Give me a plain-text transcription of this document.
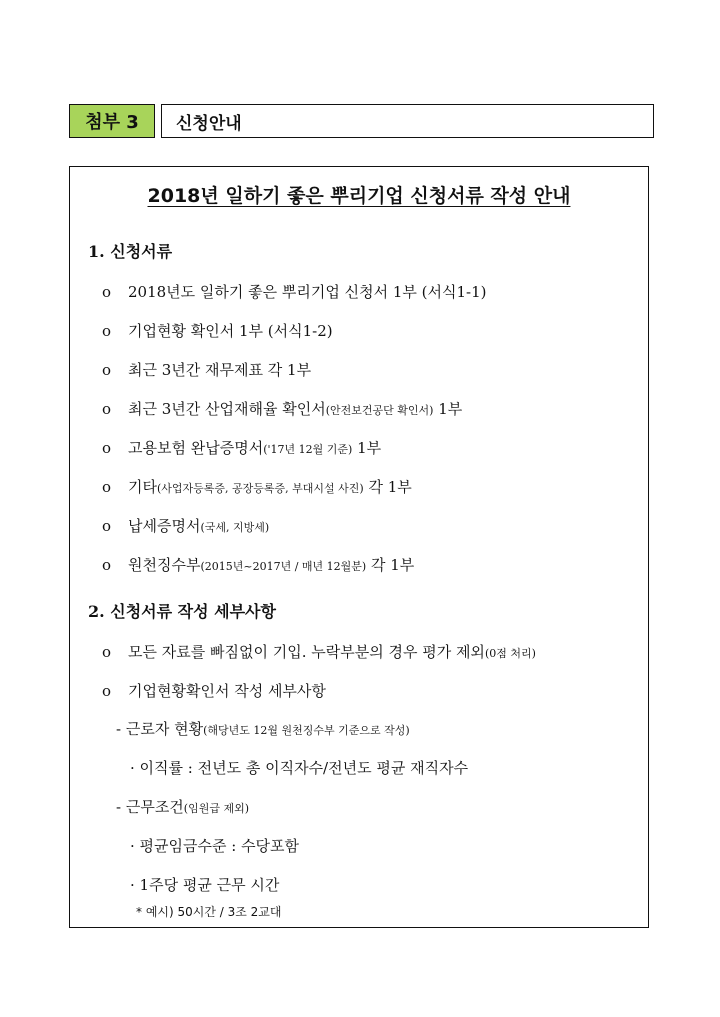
첨부 3	신청안내
2018년 일하기 좋은 뿌리기업 신청서류 작성 안내
1. 신청서류
o 2018년도 일하기 좋은 뿌리기업 신청서 1부 (서식1-1)
o 기업현황 확인서 1부 (서식1-2)
o 최근 3년간 재무제표 각 1부
o 최근 3년간 산업재해율 확인서(안전보건공단 확인서) 1부
o 고용보험 완납증명서('17년 12월 기준) 1부
o 기타(사업자등록증, 공장등록증, 부대시설 사진) 각 1부
o 납세증명서(국세, 지방세)
o 원천징수부(2015년~2017년 / 매년 12월분) 각 1부
2. 신청서류 작성 세부사항
o 모든 자료를 빠짐없이 기입. 누락부분의 경우 평가 제외(0점 처리)
o 기업현황확인서 작성 세부사항
- 근로자 현황(해당년도 12월 원천징수부 기준으로 작성)
· 이직률 : 전년도 총 이직자수/전년도 평균 재직자수
- 근무조건(임원급 제외)
· 평균임금수준 : 수당포함
· 1주당 평균 근무 시간
* 예시) 50시간 / 3조 2교대
